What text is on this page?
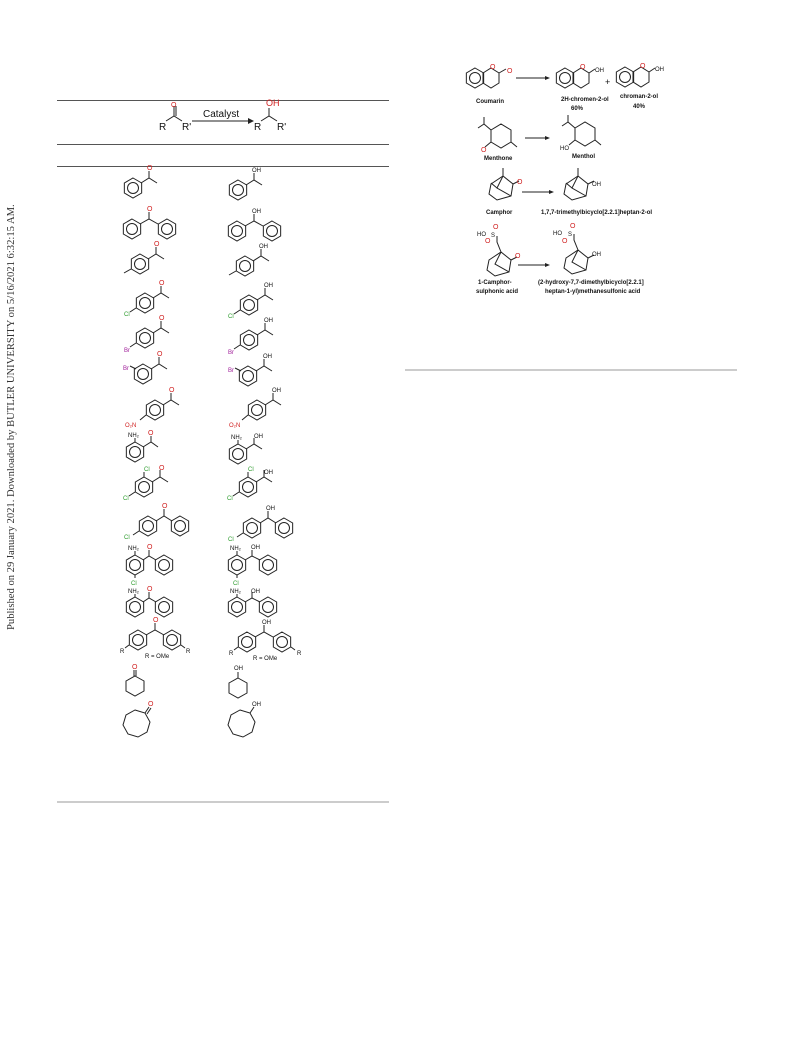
Published on 29 January 2021. Downloaded by BUTLER UNIVERSITY on 5/16/2021 6:32:15 AM.
O
R R'
Catalyst
OH
R R'
O	OH
O	OH
O	OH
Cl
O
Cl
OH
Br
O
Br
OH
Br
O
Br
OH
O₂N
O
O₂N
OH
NH₂ O
NH₂ OH
Cl
Cl O
Cl
Cl OH
Cl
O
Cl
OH
NH₂
Cl
O	NH₂
Cl
OH
NH₂ O	NH₂ OH
R	R
R = OMe
O
R	R
R = OMe
OH
O	OH
O	OH
O
O
Coumarin
O OH
2H-chromen-2-ol
60%
+
O OH
chroman-2-ol
40%
O
Menthone
HO
Menthol
O
Camphor
OH
1,7,7-trimethylbicyclo[2.2.1]heptan-2-ol
HO S
O
O
O
1-Camphor-
sulphonic acid
HO S
O
O
OH
(2-hydroxy-7,7-dimethylbicyclo[2.2.1]
heptan-1-yl)methanesulfonic acid
